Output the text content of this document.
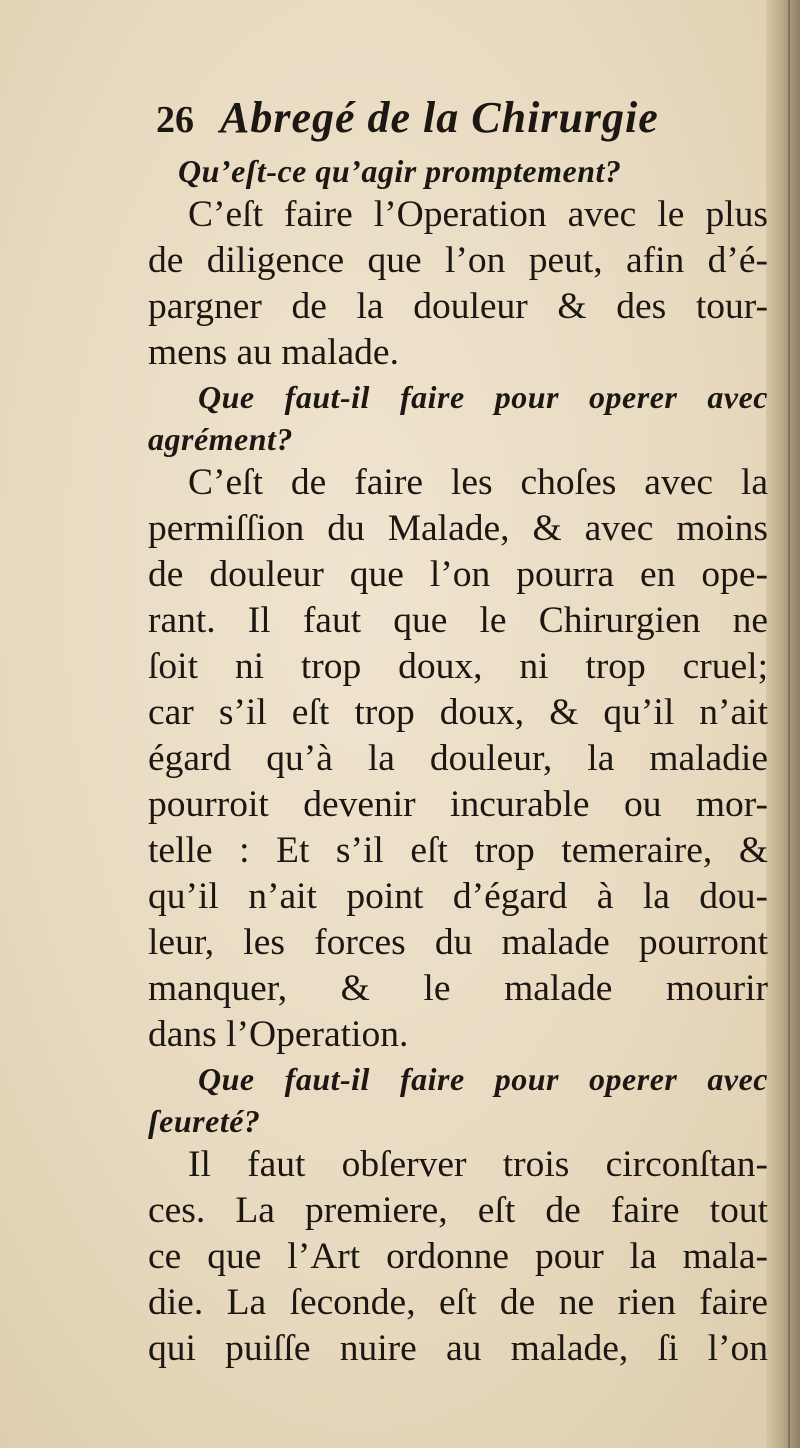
26 Abregé de la Chirurgie

Qu’eſt-ce qu’agir promptement?

C’eſt faire l’Operation avec le plus
de diligence que l’on peut, afin d’é-
pargner de la douleur & des tour-
mens au malade.

Que faut-il faire pour operer avec
agrément?

C’eſt de faire les choſes avec la
permiſſion du Malade, & avec moins
de douleur que l’on pourra en ope-
rant. Il faut que le Chirurgien ne
ſoit ni trop doux, ni trop cruel;
car s’il eſt trop doux, & qu’il n’ait
égard qu’à la douleur, la maladie
pourroit devenir incurable ou mor-
telle : Et s’il eſt trop temeraire, &
qu’il n’ait point d’égard à la dou-
leur, les forces du malade pourront
manquer, & le malade mourir
dans l’Operation.

Que faut-il faire pour operer avec
ſeureté?

Il faut obſerver trois circonſtan-
ces. La premiere, eſt de faire tout
ce que l’Art ordonne pour la mala-
die. La ſeconde, eſt de ne rien faire
qui puiſſe nuire au malade, ſi l’on
